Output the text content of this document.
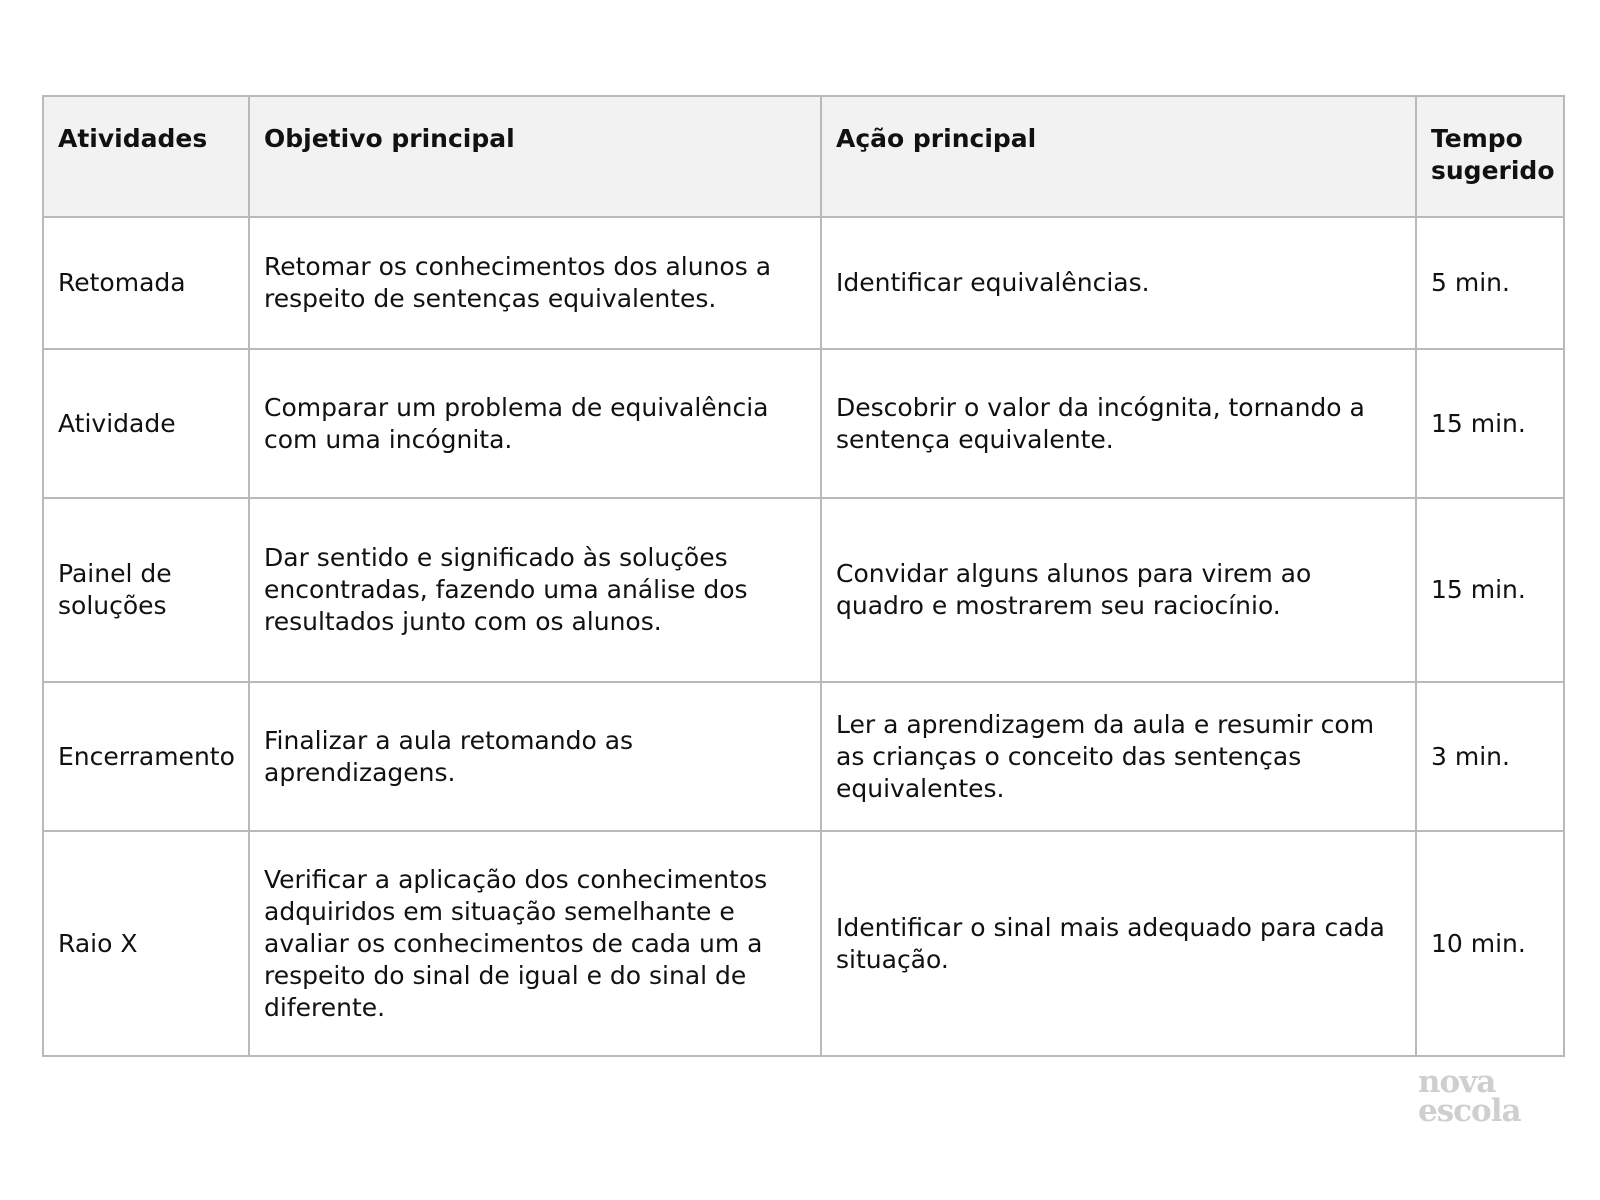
Atividades	Objetivo principal	Ação principal	Tempo sugerido
Retomada	Retomar os conhecimentos dos alunos a respeito de sentenças equivalentes.	Identificar equivalências.	5 min.
Atividade	Comparar um problema de equivalência com uma incógnita.	Descobrir o valor da incógnita, tornando a sentença equivalente.	15 min.
Painel de soluções	Dar sentido e significado às soluções encontradas, fazendo uma análise dos resultados junto com os alunos.	Convidar alguns alunos para virem ao quadro e mostrarem seu raciocínio.	15 min.
Encerramento	Finalizar a aula retomando as aprendizagens.	Ler a aprendizagem da aula e resumir com as crianças o conceito das sentenças equivalentes.	3 min.
Raio X	Verificar a aplicação dos conhecimentos adquiridos em situação semelhante e avaliar os conhecimentos de cada um a respeito do sinal de igual e do sinal de diferente.	Identificar o sinal mais adequado para cada situação.	10 min.
nova
escola
